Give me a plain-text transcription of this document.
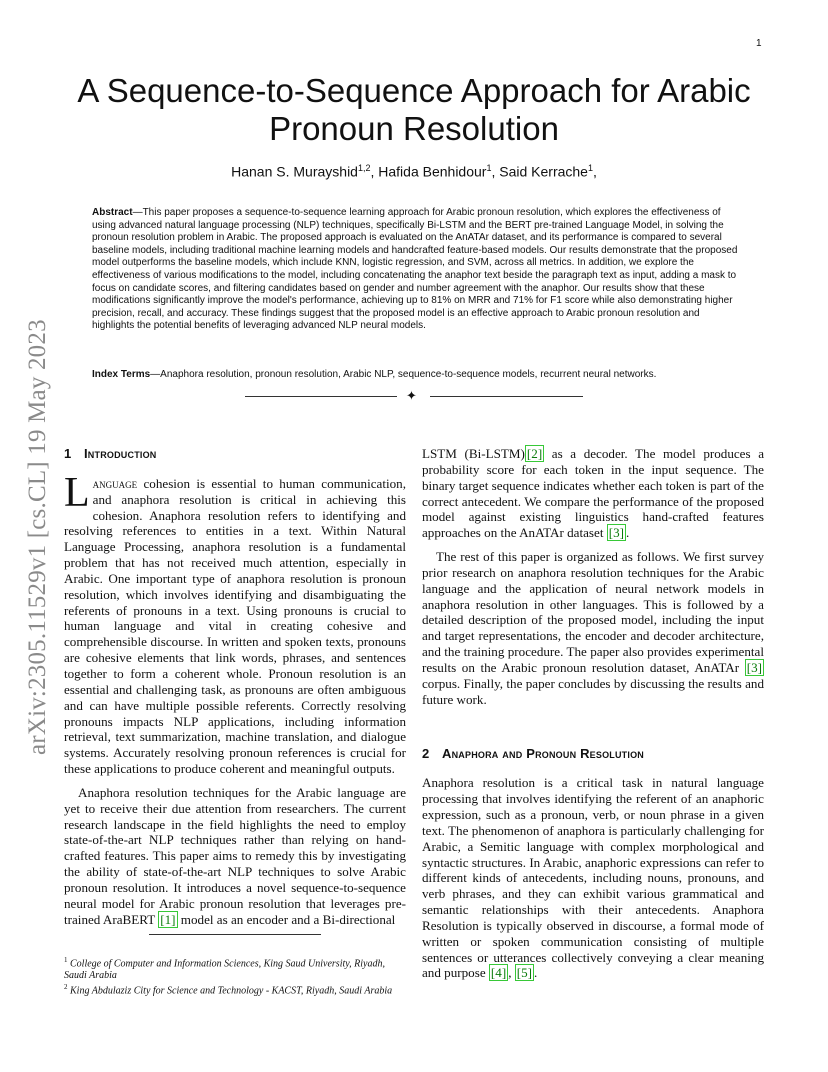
1
arXiv:2305.11529v1 [cs.CL] 19 May 2023
A Sequence-to-Sequence Approach for Arabic Pronoun Resolution
Hanan S. Murayshid$^{1,2}$, Hafida Benhidour$^1$, Said Kerrache$^1$,
Abstract—This paper proposes a sequence-to-sequence learning approach for Arabic pronoun resolution, which explores the effectiveness of using advanced natural language processing (NLP) techniques, specifically Bi-LSTM and the BERT pre-trained Language Model, in solving the pronoun resolution problem in Arabic. The proposed approach is evaluated on the AnATAr dataset, and its performance is compared to several baseline models, including traditional machine learning models and handcrafted feature-based models. Our results demonstrate that the proposed model outperforms the baseline models, which include KNN, logistic regression, and SVM, across all metrics. In addition, we explore the effectiveness of various modifications to the model, including concatenating the anaphor text beside the paragraph text as input, adding a mask to focus on candidate scores, and filtering candidates based on gender and number agreement with the anaphor. Our results show that these modifications significantly improve the model's performance, achieving up to 81% on MRR and 71% for F1 score while also demonstrating higher precision, recall, and accuracy. These findings suggest that the proposed model is an effective approach to Arabic pronoun resolution and highlights the potential benefits of leveraging advanced NLP neural models.
Index Terms—Anaphora resolution, pronoun resolution, Arabic NLP, sequence-to-sequence models, recurrent neural networks.
✦
1 Introduction

Language cohesion is essential to human communication, and anaphora resolution is critical in achieving this cohesion. Anaphora resolution refers to identifying and resolving references to entities in a text. Within Natural Language Processing, anaphora resolution is a fundamental problem that has not received much attention, especially in Arabic. One important type of anaphora resolution is pronoun resolution, which involves identifying and disambiguating the referents of pronouns in a text. Using pronouns is crucial to human language and vital in creating cohesive and comprehensible discourse. In written and spoken texts, pronouns are cohesive elements that link words, phrases, and sentences together to form a coherent whole. Pronoun resolution is an essential and challenging task, as pronouns are often ambiguous and can have multiple possible referents. Correctly resolving pronouns impacts NLP applications, including information retrieval, text summarization, machine translation, and dialogue systems. Accurately resolving pronoun references is crucial for these applications to produce coherent and meaningful outputs.

Anaphora resolution techniques for the Arabic language are yet to receive their due attention from researchers. The current research landscape in the field highlights the need to employ state-of-the-art NLP techniques rather than relying on hand-crafted features. This paper aims to remedy this by investigating the ability of state-of-the-art NLP techniques to solve Arabic pronoun resolution. It introduces a novel sequence-to-sequence neural model for Arabic pronoun resolution that leverages pre-trained AraBERT [1] model as an encoder and a Bi-directional

$^1$ College of Computer and Information Sciences, King Saud University, Riyadh, Saudi Arabia
$^2$ King Abdulaziz City for Science and Technology - KACST, Riyadh, Saudi Arabia

LSTM (Bi-LSTM) [2] as a decoder. The model produces a probability score for each token in the input sequence. The binary target sequence indicates whether each token is part of the correct antecedent. We compare the performance of the proposed model against existing linguistics hand-crafted features approaches on the AnATAr dataset [3] .

The rest of this paper is organized as follows. We first survey prior research on anaphora resolution techniques for the Arabic language and the application of neural network models in anaphora resolution in other languages. This is followed by a detailed description of the proposed model, including the input and target representations, the encoder and decoder architecture, and the training procedure. The paper also provides experimental results on the Arabic pronoun resolution dataset, AnATAr [3] corpus. Finally, the paper concludes by discussing the results and future work.

2 Anaphora and Pronoun Resolution

Anaphora resolution is a critical task in natural language processing that involves identifying the referent of an anaphoric expression, such as a pronoun, verb, or noun phrase in a given text. The phenomenon of anaphora is particularly challenging for Arabic, a Semitic language with complex morphological and syntactic structures. In Arabic, anaphoric expressions can refer to different kinds of antecedents, including nouns, pronouns, and verb phrases, and they can exhibit various grammatical and semantic relationships with their antecedents. Anaphora Resolution is typically observed in discourse, a formal mode of written or spoken communication consisting of multiple sentences or utterances collectively conveying a clear meaning and purpose [4] , [5] .
